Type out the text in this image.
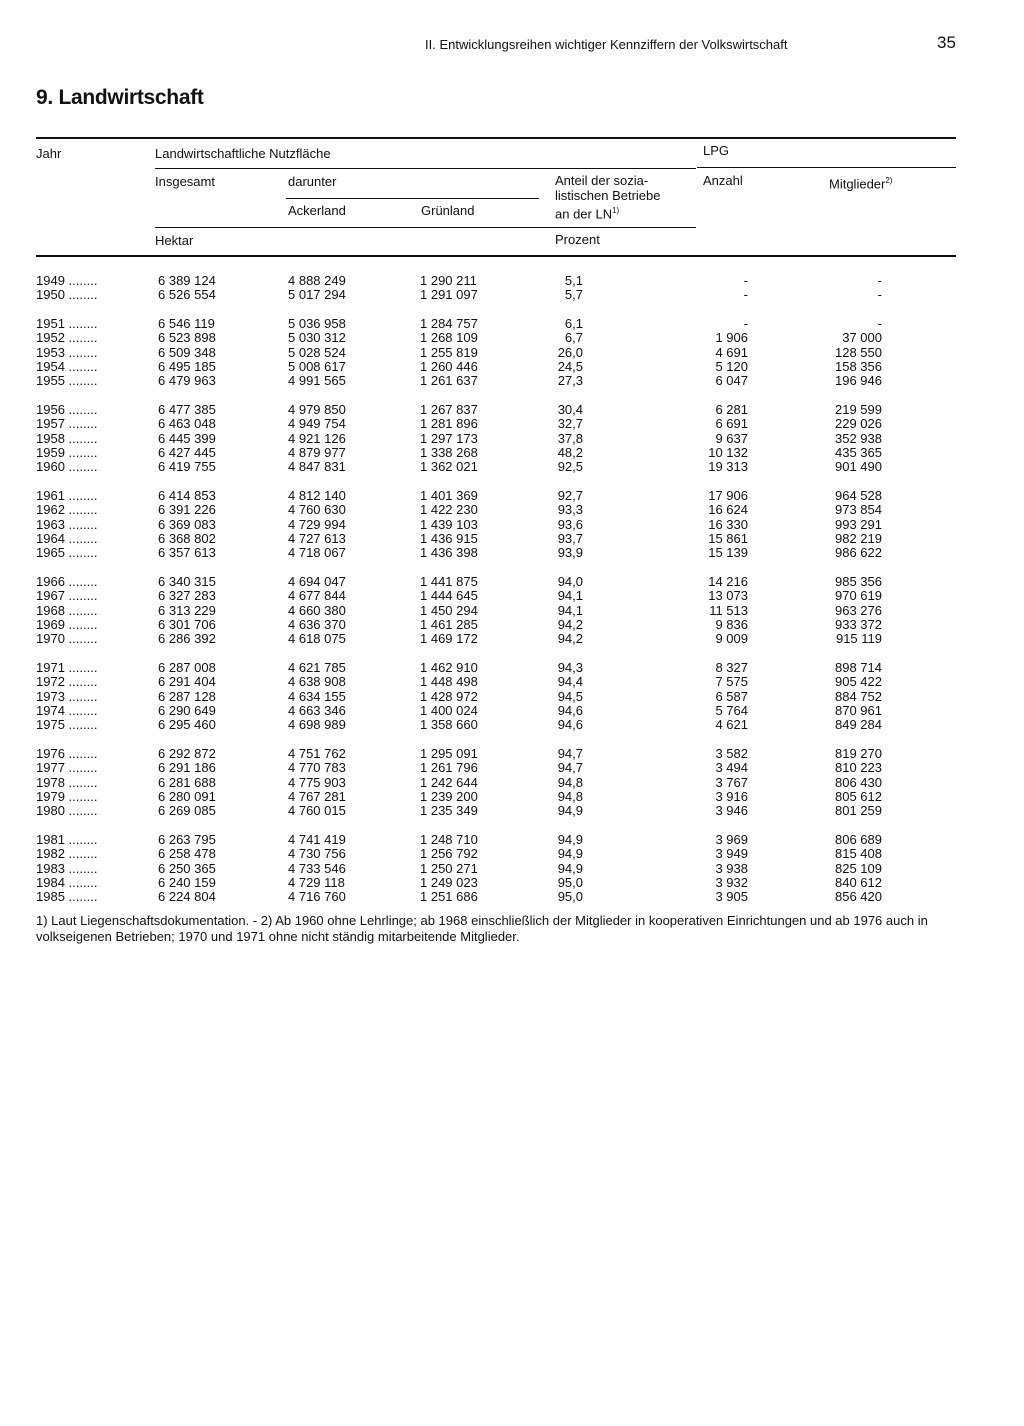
II. Entwicklungsreihen wichtiger Kennziffern der Volkswirtschaft	35
9. Landwirtschaft
Jahr	Landwirtschaftliche Nutzfläche	LPG
Insgesamt	darunter
Ackerland	Grünland
Anteil der sozia-
listischen Betriebe
an der LN$^{1)}$
Anzahl	Mitglieder$^{2)}$
Hektar	Prozent
1949 ........	6 389 124	4 888 249	1 290 211	5,1	-	-
1950 ........	6 526 554	5 017 294	1 291 097	5,7	-	-
1951 ........	6 546 119	5 036 958	1 284 757	6,1	-	-
1952 ........	6 523 898	5 030 312	1 268 109	6,7	1 906	37 000
1953 ........	6 509 348	5 028 524	1 255 819	26,0	4 691	128 550
1954 ........	6 495 185	5 008 617	1 260 446	24,5	5 120	158 356
1955 ........	6 479 963	4 991 565	1 261 637	27,3	6 047	196 946
1956 ........	6 477 385	4 979 850	1 267 837	30,4	6 281	219 599
1957 ........	6 463 048	4 949 754	1 281 896	32,7	6 691	229 026
1958 ........	6 445 399	4 921 126	1 297 173	37,8	9 637	352 938
1959 ........	6 427 445	4 879 977	1 338 268	48,2	10 132	435 365
1960 ........	6 419 755	4 847 831	1 362 021	92,5	19 313	901 490
1961 ........	6 414 853	4 812 140	1 401 369	92,7	17 906	964 528
1962 ........	6 391 226	4 760 630	1 422 230	93,3	16 624	973 854
1963 ........	6 369 083	4 729 994	1 439 103	93,6	16 330	993 291
1964 ........	6 368 802	4 727 613	1 436 915	93,7	15 861	982 219
1965 ........	6 357 613	4 718 067	1 436 398	93,9	15 139	986 622
1966 ........	6 340 315	4 694 047	1 441 875	94,0	14 216	985 356
1967 ........	6 327 283	4 677 844	1 444 645	94,1	13 073	970 619
1968 ........	6 313 229	4 660 380	1 450 294	94,1	11 513	963 276
1969 ........	6 301 706	4 636 370	1 461 285	94,2	9 836	933 372
1970 ........	6 286 392	4 618 075	1 469 172	94,2	9 009	915 119
1971 ........	6 287 008	4 621 785	1 462 910	94,3	8 327	898 714
1972 ........	6 291 404	4 638 908	1 448 498	94,4	7 575	905 422
1973 ........	6 287 128	4 634 155	1 428 972	94,5	6 587	884 752
1974 ........	6 290 649	4 663 346	1 400 024	94,6	5 764	870 961
1975 ........	6 295 460	4 698 989	1 358 660	94,6	4 621	849 284
1976 ........	6 292 872	4 751 762	1 295 091	94,7	3 582	819 270
1977 ........	6 291 186	4 770 783	1 261 796	94,7	3 494	810 223
1978 ........	6 281 688	4 775 903	1 242 644	94,8	3 767	806 430
1979 ........	6 280 091	4 767 281	1 239 200	94,8	3 916	805 612
1980 ........	6 269 085	4 760 015	1 235 349	94,9	3 946	801 259
1981 ........	6 263 795	4 741 419	1 248 710	94,9	3 969	806 689
1982 ........	6 258 478	4 730 756	1 256 792	94,9	3 949	815 408
1983 ........	6 250 365	4 733 546	1 250 271	94,9	3 938	825 109
1984 ........	6 240 159	4 729 118	1 249 023	95,0	3 932	840 612
1985 ........	6 224 804	4 716 760	1 251 686	95,0	3 905	856 420
1) Laut Liegenschaftsdokumentation. - 2) Ab 1960 ohne Lehrlinge; ab 1968 einschließlich der Mitglieder in kooperativen Einrichtungen und ab 1976 auch in volkseigenen Betrieben; 1970 und 1971 ohne nicht ständig mitarbeitende Mitglieder.
